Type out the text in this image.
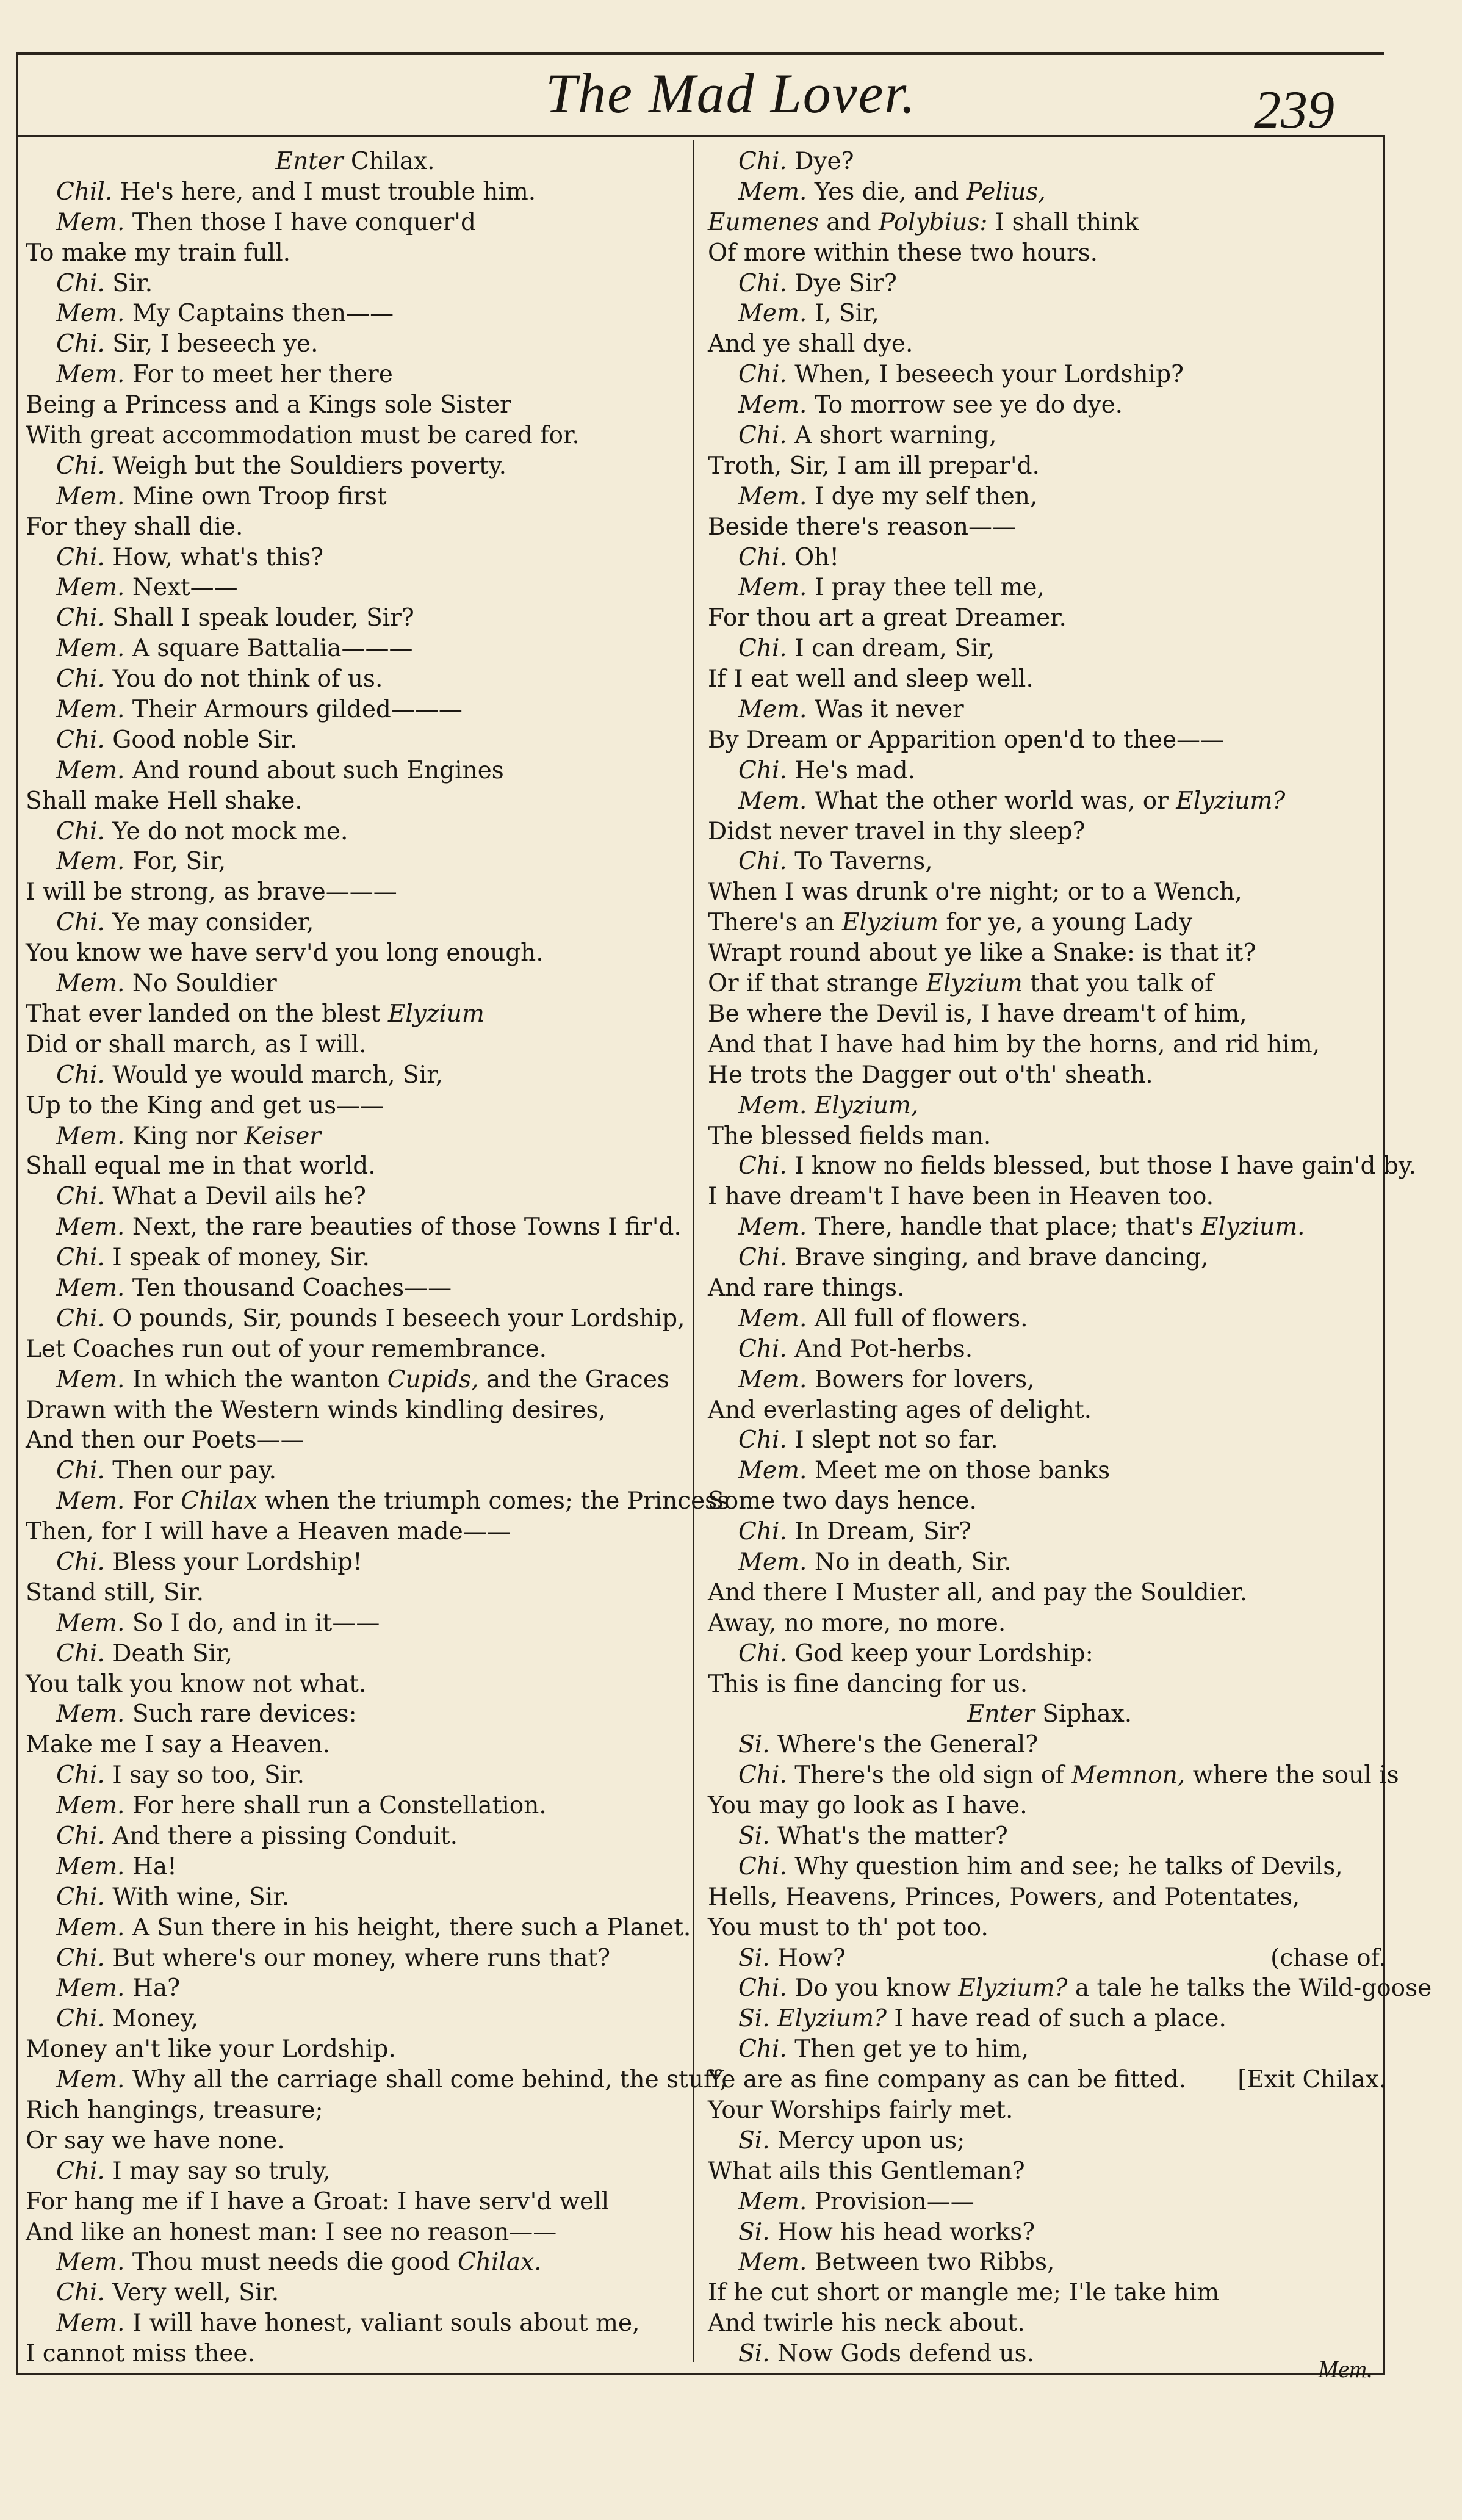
The Mad Lover.	239
Enter Chilax.
Chil. He's here, and I must trouble him.
Mem. Then those I have conquer'd
To make my train full.
Chi. Sir.
Mem. My Captains then——
Chi. Sir, I beseech ye.
Mem. For to meet her there
Being a Princess and a Kings sole Sister
With great accommodation must be cared for.
Chi. Weigh but the Souldiers poverty.
Mem. Mine own Troop first
For they shall die.
Chi. How, what's this?
Mem. Next——
Chi. Shall I speak louder, Sir?
Mem. A square Battalia———
Chi. You do not think of us.
Mem. Their Armours gilded———
Chi. Good noble Sir.
Mem. And round about such Engines
Shall make Hell shake.
Chi. Ye do not mock me.
Mem. For, Sir,
I will be strong, as brave———
Chi. Ye may consider,
You know we have serv'd you long enough.
Mem. No Souldier
That ever landed on the blest Elyzium
Did or shall march, as I will.
Chi. Would ye would march, Sir,
Up to the King and get us——
Mem. King nor Keiser
Shall equal me in that world.
Chi. What a Devil ails he?
Mem. Next, the rare beauties of those Towns I fir'd.
Chi. I speak of money, Sir.
Mem. Ten thousand Coaches——
Chi. O pounds, Sir, pounds I beseech your Lordship,
Let Coaches run out of your remembrance.
Mem. In which the wanton Cupids, and the Graces
Drawn with the Western winds kindling desires,
And then our Poets——
Chi. Then our pay.
Mem. For Chilax when the triumph comes; the Princess
Then, for I will have a Heaven made——
Chi. Bless your Lordship!
Stand still, Sir.
Mem. So I do, and in it——
Chi. Death Sir,
You talk you know not what.
Mem. Such rare devices:
Make me I say a Heaven.
Chi. I say so too, Sir.
Mem. For here shall run a Constellation.
Chi. And there a pissing Conduit.
Mem. Ha!
Chi. With wine, Sir.
Mem. A Sun there in his height, there such a Planet.
Chi. But where's our money, where runs that?
Mem. Ha?
Chi. Money,
Money an't like your Lordship.
Mem. Why all the carriage shall come behind, the stuff,
Rich hangings, treasure;
Or say we have none.
Chi. I may say so truly,
For hang me if I have a Groat: I have serv'd well
And like an honest man: I see no reason——
Mem. Thou must needs die good Chilax.
Chi. Very well, Sir.
Mem. I will have honest, valiant souls about me,
I cannot miss thee.
Chi. Dye?
Mem. Yes die, and Pelius,
Eumenes and Polybius: I shall think
Of more within these two hours.
Chi. Dye Sir?
Mem. I, Sir,
And ye shall dye.
Chi. When, I beseech your Lordship?
Mem. To morrow see ye do dye.
Chi. A short warning,
Troth, Sir, I am ill prepar'd.
Mem. I dye my self then,
Beside there's reason——
Chi. Oh!
Mem. I pray thee tell me,
For thou art a great Dreamer.
Chi. I can dream, Sir,
If I eat well and sleep well.
Mem. Was it never
By Dream or Apparition open'd to thee——
Chi. He's mad.
Mem. What the other world was, or Elyzium?
Didst never travel in thy sleep?
Chi. To Taverns,
When I was drunk o're night; or to a Wench,
There's an Elyzium for ye, a young Lady
Wrapt round about ye like a Snake: is that it?
Or if that strange Elyzium that you talk of
Be where the Devil is, I have dream't of him,
And that I have had him by the horns, and rid him,
He trots the Dagger out o'th' sheath.
Mem. Elyzium,
The blessed fields man.
Chi. I know no fields blessed, but those I have gain'd by.
I have dream't I have been in Heaven too.
Mem. There, handle that place; that's Elyzium.
Chi. Brave singing, and brave dancing,
And rare things.
Mem. All full of flowers.
Chi. And Pot-herbs.
Mem. Bowers for lovers,
And everlasting ages of delight.
Chi. I slept not so far.
Mem. Meet me on those banks
Some two days hence.
Chi. In Dream, Sir?
Mem. No in death, Sir.
And there I Muster all, and pay the Souldier.
Away, no more, no more.
Chi. God keep your Lordship:
This is fine dancing for us.
Enter Siphax.
Si. Where's the General?
Chi. There's the old sign of Memnon, where the soul is
You may go look as I have.
Si. What's the matter?
Chi. Why question him and see; he talks of Devils,
Hells, Heavens, Princes, Powers, and Potentates,
You must to th' pot too.
Si. How?	(chase of.
Chi. Do you know Elyzium? a tale he talks the Wild-goose
Si. Elyzium? I have read of such a place.
Chi. Then get ye to him,
Ye are as fine company as can be fitted. [Exit Chilax.
Your Worships fairly met.
Si. Mercy upon us;
What ails this Gentleman?
Mem. Provision——
Si. How his head works?
Mem. Between two Ribbs,
If he cut short or mangle me; I'le take him
And twirle his neck about.
Si. Now Gods defend us.
Mem.
